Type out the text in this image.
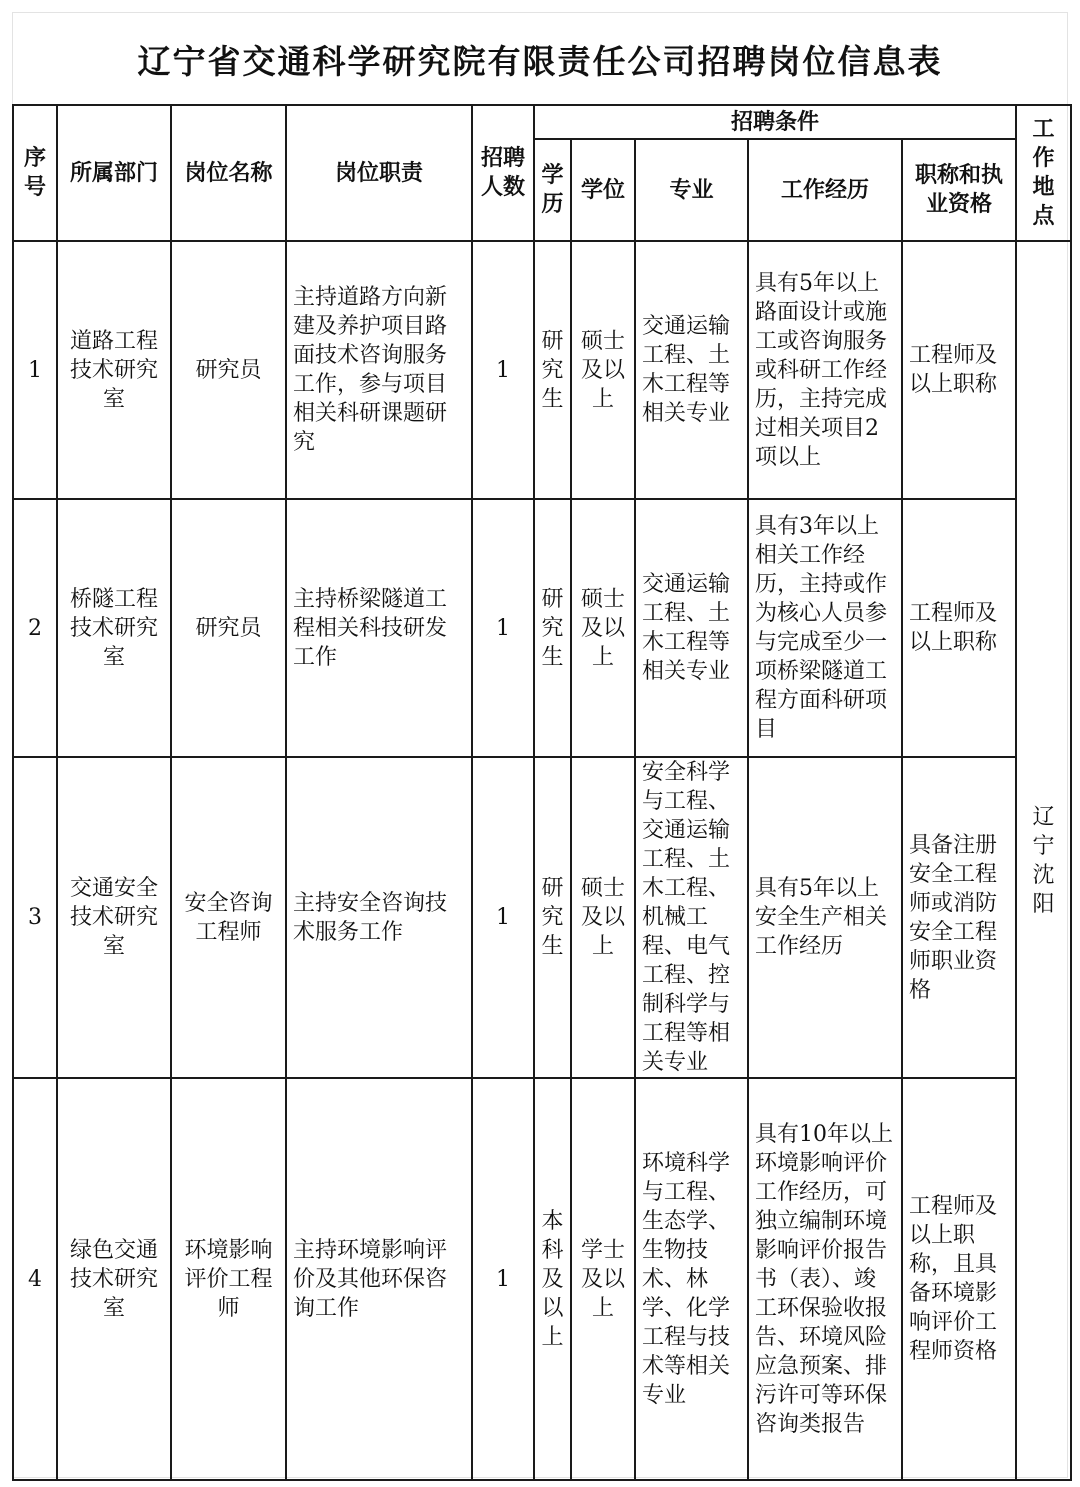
辽宁省交通科学研究院有限责任公司招聘岗位信息表
序号	所属部门	岗位名称	岗位职责	招聘人数	招聘条件					工作地点
					学历	学位	专业	工作经历	职称和执业资格	
1	道路工程技术研究室	研究员	主持道路方向新建及养护项目路面技术咨询服务工作，参与项目相关科研课题研究	1	研究生	硕士及以上	交通运输工程、土木工程等相关专业	具有5年以上路面设计或施工或咨询服务或科研工作经历，主持完成过相关项目2项以上	工程师及以上职称	辽宁沈阳
2	桥隧工程技术研究室	研究员	主持桥梁隧道工程相关科技研发工作	1	研究生	硕士及以上	交通运输工程、土木工程等相关专业	具有3年以上相关工作经历，主持或作为核心人员参与完成至少一项桥梁隧道工程方面科研项目	工程师及以上职称	
3	交通安全技术研究室	安全咨询工程师	主持安全咨询技术服务工作	1	研究生	硕士及以上	安全科学与工程、交通运输工程、土木工程、机械工程、电气工程、控制科学与工程等相关专业	具有5年以上安全生产相关工作经历	具备注册安全工程师或消防安全工程师职业资格	
4	绿色交通技术研究室	环境影响评价工程师	主持环境影响评价及其他环保咨询工作	1	本科及以上	学士及以上	环境科学与工程、生态学、生物技术、林学、化学工程与技术等相关专业	具有10年以上环境影响评价工作经历，可独立编制环境影响评价报告书（表）、竣工环保验收报告、环境风险应急预案、排污许可等环保咨询类报告	工程师及以上职称，且具备环境影响评价工程师资格	
